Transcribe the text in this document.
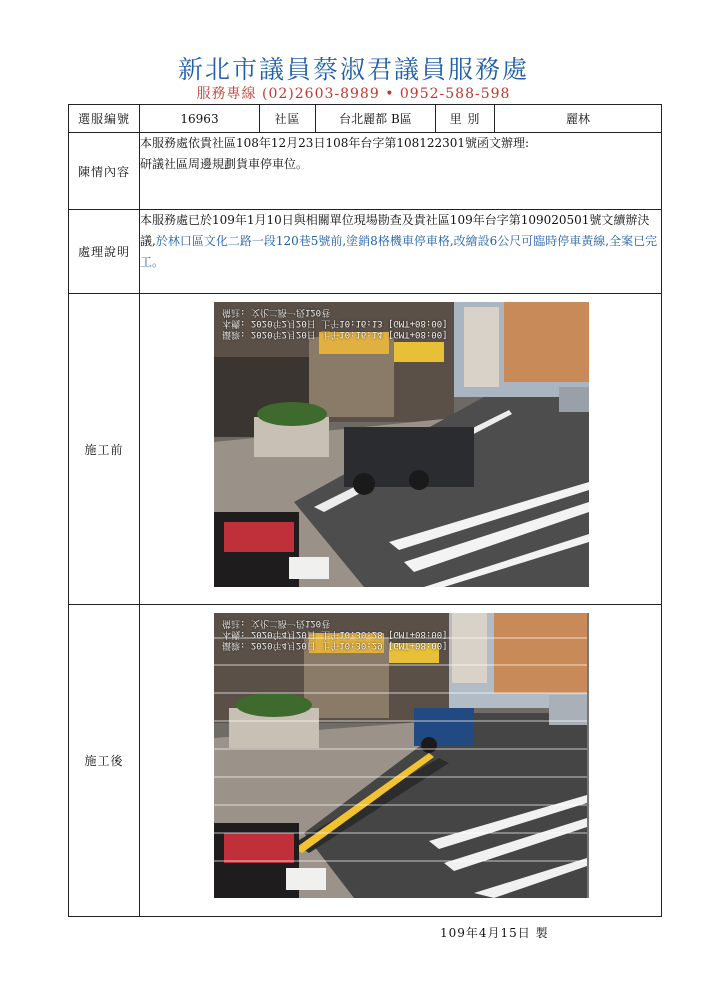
新北市議員蔡淑君議員服務處
服務專線 (02)2603-8989 • 0952-588-598
選服編號	16963	社區	台北麗都 B區	里 別	麗林
陳情內容	本服務處依貴社區108年12月23日108年台字第108122301號函文辦理:
研議社區周邊規劃貨車停車位。				

處理說明	本服務處已於109年1月10日與相關單位現場勘查及貴社區109年台字第109020501號文續辦決議,於林口區文化二路一段120巷5號前,塗銷8格機車停車格,改繪設6公尺可臨時停車黃線,全案已完工。				
施工前	攝錄: 2020年2月20日 上午10:16:14 [GMT+08:00]
本機: 2020年2月20日 上午10:16:13 [GMT+08:00]
備註: 文化二路一段120巷				

施工後	攝錄: 2020年4月20日 上午10:30:29 [GMT+08:00]
本機: 2020年4月20日 上午10:30:28 [GMT+08:00]
備註: 文化二路一段120巷				
109年4月15日 製
